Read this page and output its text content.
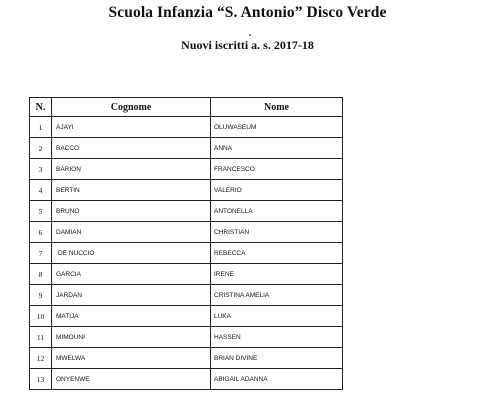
Scuola Infanzia “S. Antonio” Disco Verde
Nuovi iscritti a. s. 2017-18
N.	Cognome	Nome
1	AJAYI	OLUWASEUM
2	BACCO	ANNA
3	BARION	FRANCESCO
4	BERTIN	VALERIO
5	BRUNO	ANTONELLA
6	DAMIAN	CHRISTIAN
7	DE NUCCIO	REBECCA
8	GARCIA	IRENE
9	JARDAN	CRISTINA AMELIA
10	MATIJA	LUKA
11	MIMOUNI	HASSEN
12	MWELWA	BRIAN DIVINE
13	ONYENWE	ABIGAIL ADANNA
